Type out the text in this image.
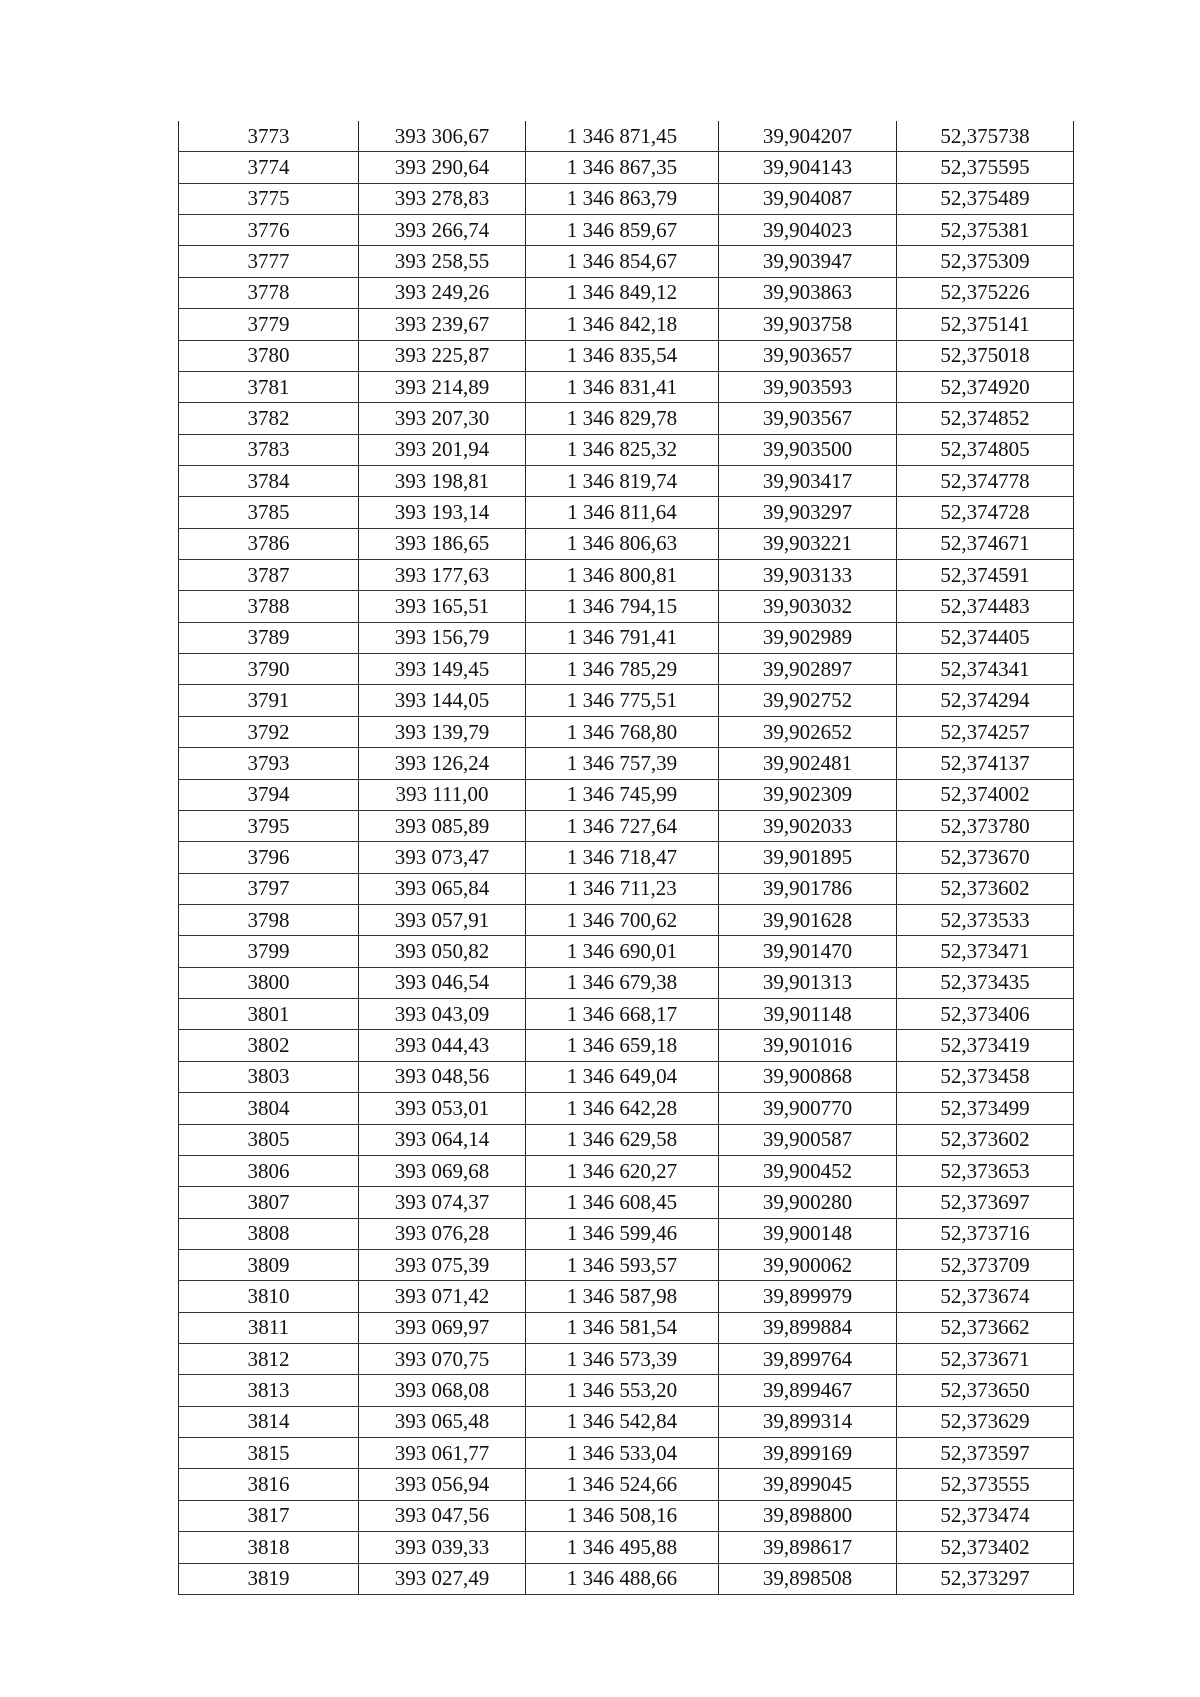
3773	393 306,67	1 346 871,45	39,904207	52,375738
3774	393 290,64	1 346 867,35	39,904143	52,375595
3775	393 278,83	1 346 863,79	39,904087	52,375489
3776	393 266,74	1 346 859,67	39,904023	52,375381
3777	393 258,55	1 346 854,67	39,903947	52,375309
3778	393 249,26	1 346 849,12	39,903863	52,375226
3779	393 239,67	1 346 842,18	39,903758	52,375141
3780	393 225,87	1 346 835,54	39,903657	52,375018
3781	393 214,89	1 346 831,41	39,903593	52,374920
3782	393 207,30	1 346 829,78	39,903567	52,374852
3783	393 201,94	1 346 825,32	39,903500	52,374805
3784	393 198,81	1 346 819,74	39,903417	52,374778
3785	393 193,14	1 346 811,64	39,903297	52,374728
3786	393 186,65	1 346 806,63	39,903221	52,374671
3787	393 177,63	1 346 800,81	39,903133	52,374591
3788	393 165,51	1 346 794,15	39,903032	52,374483
3789	393 156,79	1 346 791,41	39,902989	52,374405
3790	393 149,45	1 346 785,29	39,902897	52,374341
3791	393 144,05	1 346 775,51	39,902752	52,374294
3792	393 139,79	1 346 768,80	39,902652	52,374257
3793	393 126,24	1 346 757,39	39,902481	52,374137
3794	393 111,00	1 346 745,99	39,902309	52,374002
3795	393 085,89	1 346 727,64	39,902033	52,373780
3796	393 073,47	1 346 718,47	39,901895	52,373670
3797	393 065,84	1 346 711,23	39,901786	52,373602
3798	393 057,91	1 346 700,62	39,901628	52,373533
3799	393 050,82	1 346 690,01	39,901470	52,373471
3800	393 046,54	1 346 679,38	39,901313	52,373435
3801	393 043,09	1 346 668,17	39,901148	52,373406
3802	393 044,43	1 346 659,18	39,901016	52,373419
3803	393 048,56	1 346 649,04	39,900868	52,373458
3804	393 053,01	1 346 642,28	39,900770	52,373499
3805	393 064,14	1 346 629,58	39,900587	52,373602
3806	393 069,68	1 346 620,27	39,900452	52,373653
3807	393 074,37	1 346 608,45	39,900280	52,373697
3808	393 076,28	1 346 599,46	39,900148	52,373716
3809	393 075,39	1 346 593,57	39,900062	52,373709
3810	393 071,42	1 346 587,98	39,899979	52,373674
3811	393 069,97	1 346 581,54	39,899884	52,373662
3812	393 070,75	1 346 573,39	39,899764	52,373671
3813	393 068,08	1 346 553,20	39,899467	52,373650
3814	393 065,48	1 346 542,84	39,899314	52,373629
3815	393 061,77	1 346 533,04	39,899169	52,373597
3816	393 056,94	1 346 524,66	39,899045	52,373555
3817	393 047,56	1 346 508,16	39,898800	52,373474
3818	393 039,33	1 346 495,88	39,898617	52,373402
3819	393 027,49	1 346 488,66	39,898508	52,373297
